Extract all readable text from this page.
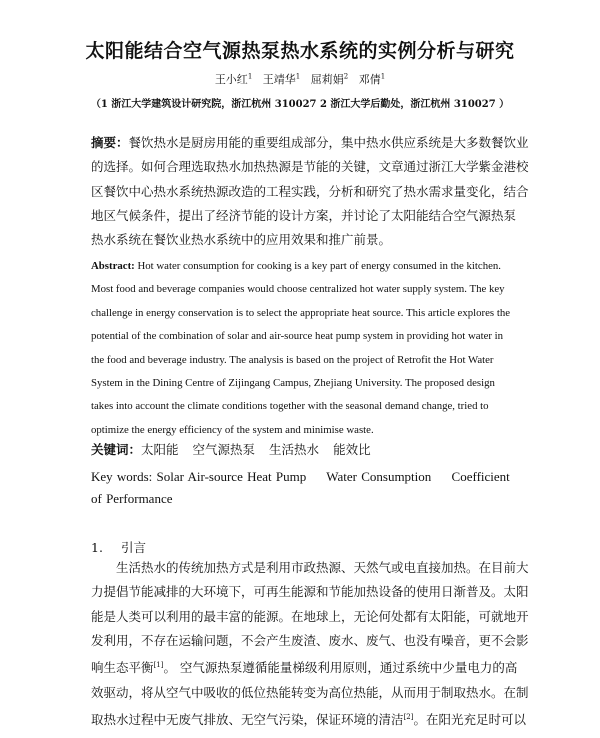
太阳能结合空气源热泵热水系统的实例分析与研究
王小红$^1$ 王靖华$^1$ 屈莉娟$^2$ 邓倩$^1$
（1 浙江大学建筑设计研究院，浙江杭州 310027 2 浙江大学后勤处，浙江杭州 310027 ）
摘要：餐饮热水是厨房用能的重要组成部分，集中热水供应系统是大多数餐饮业
的选择。如何合理选取热水加热热源是节能的关键，文章通过浙江大学紫金港校
区餐饮中心热水系统热源改造的工程实践，分析和研究了热水需求量变化，结合
地区气候条件，提出了经济节能的设计方案，并讨论了太阳能结合空气源热泵
热水系统在餐饮业热水系统中的应用效果和推广前景。
Abstract: Hot water consumption for cooking is a key part of energy consumed in the kitchen.
Most food and beverage companies would choose centralized hot water supply system. The key
challenge in energy conservation is to select the appropriate heat source. This article explores the
potential of the combination of solar and air-source heat pump system in providing hot water in
the food and beverage industry. The analysis is based on the project of Retrofit the Hot Water
System in the Dining Centre of Zijingang Campus, Zhejiang University. The proposed design
takes into account the climate conditions together with the seasonal demand change, tried to
optimize the energy efficiency of the system and minimise waste.
关键词：太阳能 空气源热泵 生活热水 能效比
Key words: Solar Air-source Heat Pump Water Consumption Coefficient of Performance
1. 引言
生活热水的传统加热方式是利用市政热源、天然气或电直接加热。在目前大
力提倡节能减排的大环境下，可再生能源和节能加热设备的使用日渐普及。太阳
能是人类可以利用的最丰富的能源。在地球上，无论何处都有太阳能，可就地开
发利用，不存在运输问题，不会产生废渣、废水、废气、也没有噪音，更不会影
响生态平衡[1]。 空气源热泵遵循能量梯级利用原则，通过系统中少量电力的高
效驱动，将从空气中吸收的低位热能转变为高位热能，从而用于制取热水。在制
取热水过程中无废气排放、无空气污染，保证环境的清洁[2]。在阳光充足时可以
